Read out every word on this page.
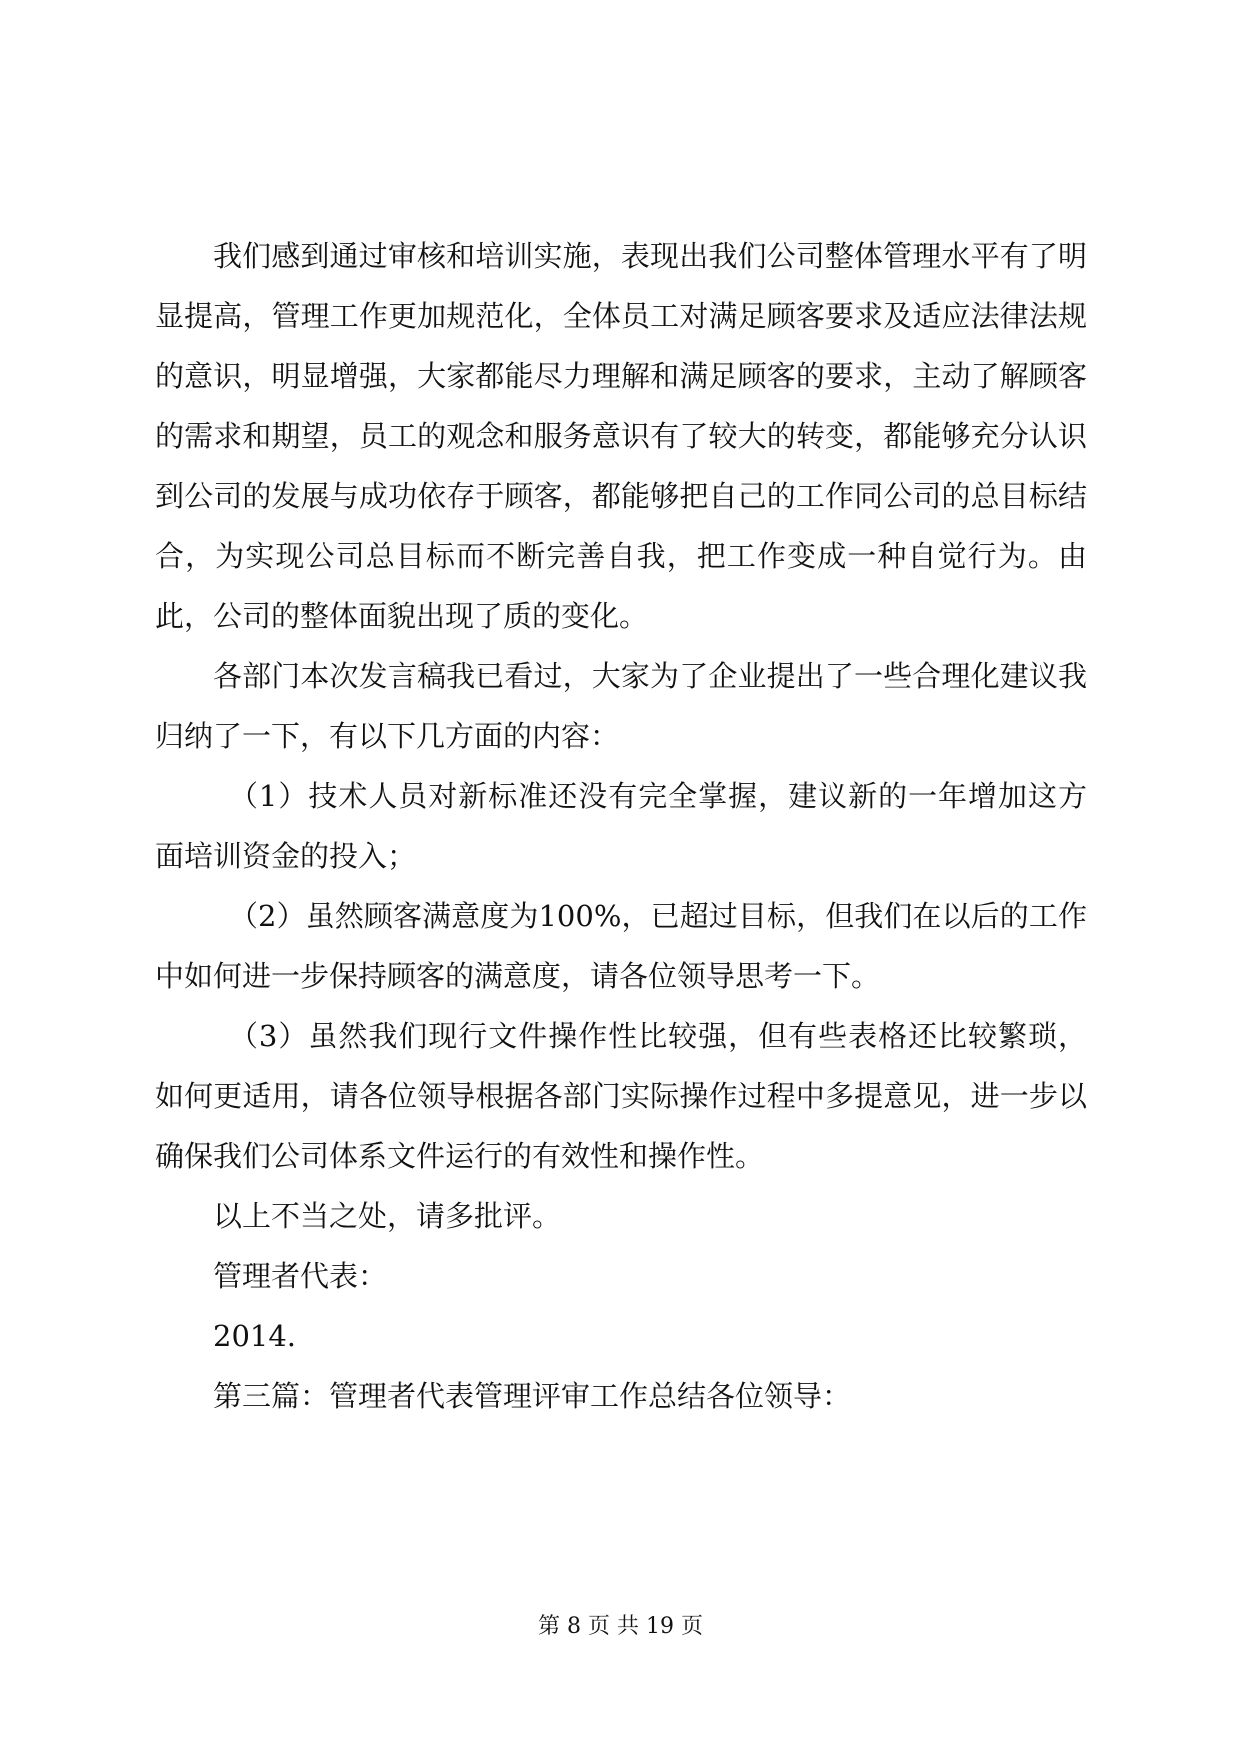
我们感到通过审核和培训实施，表现出我们公司整体管理水平有了明显提高，管理工作更加规范化，全体员工对满足顾客要求及适应法律法规的意识，明显增强，大家都能尽力理解和满足顾客的要求，主动了解顾客的需求和期望，员工的观念和服务意识有了较大的转变，都能够充分认识到公司的发展与成功依存于顾客，都能够把自己的工作同公司的总目标结合，为实现公司总目标而不断完善自我，把工作变成一种自觉行为。由此，公司的整体面貌出现了质的变化。

各部门本次发言稿我已看过，大家为了企业提出了一些合理化建议我归纳了一下，有以下几方面的内容：

（1）技术人员对新标准还没有完全掌握，建议新的一年增加这方面培训资金的投入；

（2）虽然顾客满意度为100%，已超过目标，但我们在以后的工作中如何进一步保持顾客的满意度，请各位领导思考一下。

（3）虽然我们现行文件操作性比较强，但有些表格还比较繁琐，如何更适用，请各位领导根据各部门实际操作过程中多提意见，进一步以确保我们公司体系文件运行的有效性和操作性。

以上不当之处，请多批评。

管理者代表：

2014.

第三篇：管理者代表管理评审工作总结各位领导：

第 8 页 共 19 页
